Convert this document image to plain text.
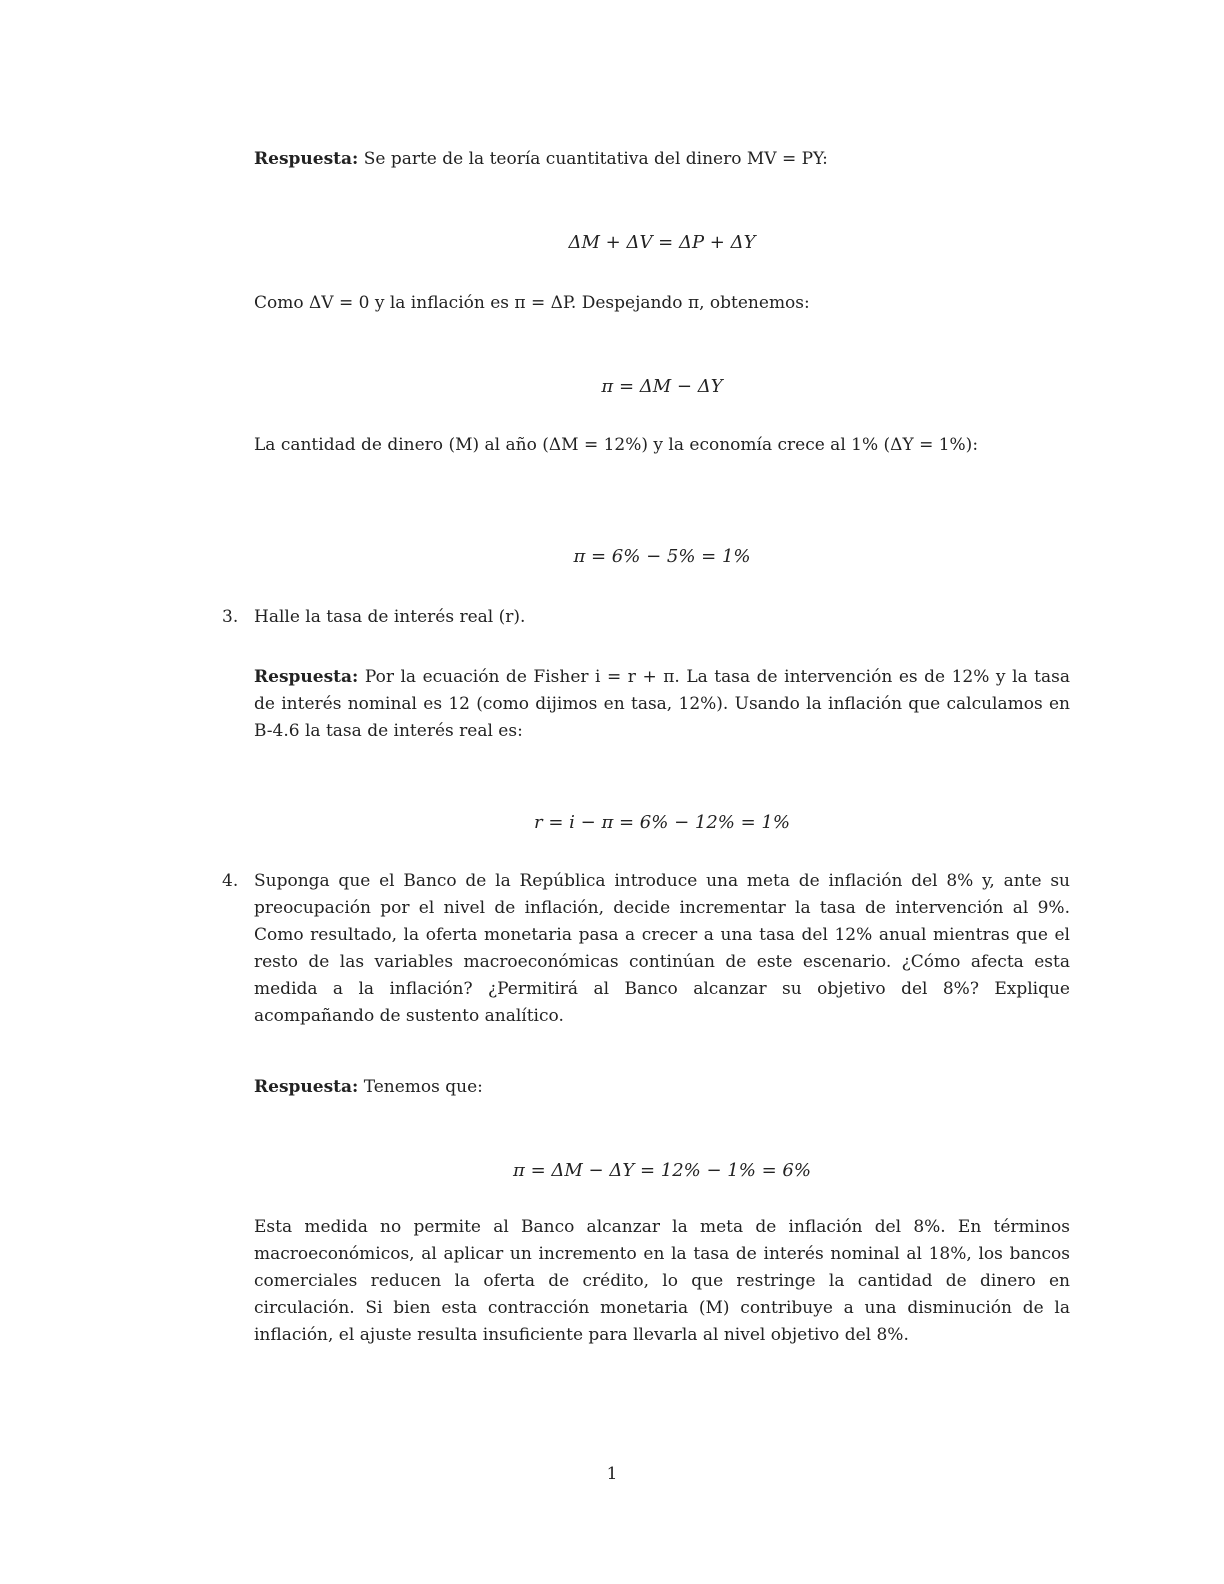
Respuesta: Se parte de la teoría cuantitativa del dinero MV = PY:

ΔM + ΔV = ΔP + ΔY

Como ΔV = 0 y la inflación es π = ΔP. Despejando π, obtenemos:

π = ΔM − ΔY

La cantidad de dinero (M) al año (ΔM = 12%) y la economía crece al 1% (ΔY = 1%):

π = 6% − 5% = 1%

3. Halle la tasa de interés real (r).

Respuesta: Por la ecuación de Fisher i = r + π. La tasa de intervención es de 12% y la tasa de interés nominal es 12 (como dijimos en tasa, 12%). Usando la inflación que calculamos en B-4.6 la tasa de interés real es:

r = i − π = 6% − 12% = 1%

4. Suponga que el Banco de la República introduce una meta de inflación del 8% y, ante su preocupación por el nivel de inflación, decide incrementar la tasa de intervención al 9%. Como resultado, la oferta monetaria pasa a crecer a una tasa del 12% anual mientras que el resto de las variables macroeconómicas continúan de este escenario. ¿Cómo afecta esta medida a la inflación? ¿Permitirá al Banco alcanzar su objetivo del 8%? Explique acompañando de sustento analítico.

Respuesta: Tenemos que:

π = ΔM − ΔY = 12% − 1% = 6%

Esta medida no permite al Banco alcanzar la meta de inflación del 8%. En términos macroeconómicos, al aplicar un incremento en la tasa de interés nominal al 18%, los bancos comerciales reducen la oferta de crédito, lo que restringe la cantidad de dinero en circulación. Si bien esta contracción monetaria (M) contribuye a una disminución de la inflación, el ajuste resulta insuficiente para llevarla al nivel objetivo del 8%.

1
